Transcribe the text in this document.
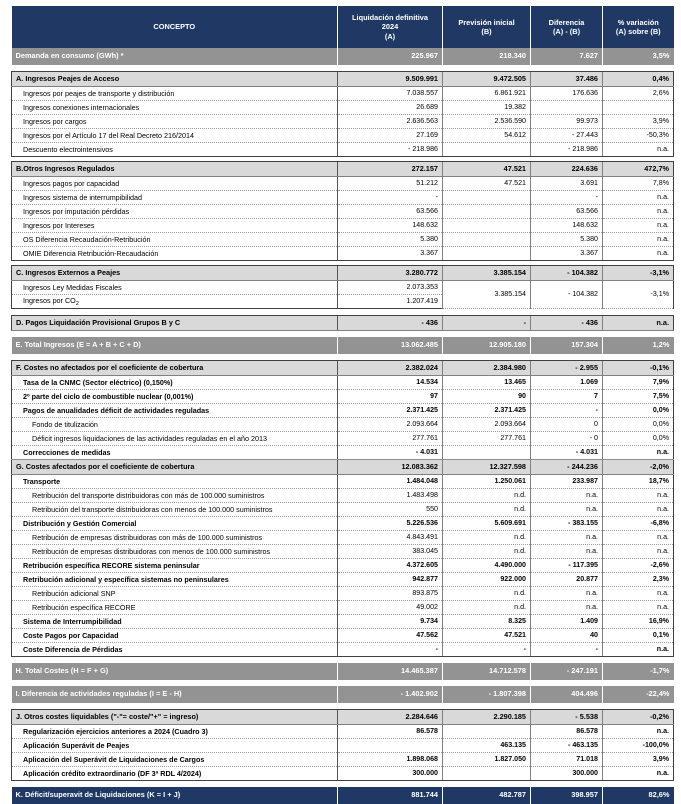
CONCEPTO	Liquidación definitiva
2024
(A)	Previsión inicial
(B)	Diferencia
(A) - (B)	% variación
(A) sobre (B)
Demanda en consumo (GWh) *	225.967	218.340	7.627	3,5%

A. Ingresos Peajes de Acceso	9.509.991	9.472.505	37.486	0,4%
Ingresos por peajes de transporte y distribución	7.038.557	6.861.921	176.636	2,6%
Ingresos conexiones internacionales	26.689	19.382		
Ingresos por cargos	2.636.563	2.536.590	99.973	3,9%
Ingresos por el Artículo 17 del Real Decreto 216/2014	27.169	54.612	- 27.443	-50,3%
Descuento electrointensivos	- 218.986		- 218.986	n.a.

B.Otros Ingresos Regulados	272.157	47.521	224.636	472,7%
Ingresos pagos por capacidad	51.212	47.521	3.691	7,8%
Ingresos sistema de interrumpibilidad	-		-	n.a.
Ingresos por imputación pérdidas	63.566		63.566	n.a.
Ingresos por Intereses	148.632		148.632	n.a.
OS Diferencia Recaudación-Retribución	5.380		5.380	n.a.
OMIE Diferencia Retribución-Recaudación	3.367		3.367	n.a.

C. Ingresos Externos a Peajes	3.280.772	3.385.154	- 104.382	-3,1%
Ingresos Ley Medidas Fiscales	2.073.353	3.385.154	- 104.382	-3,1%
Ingresos por $CO_2$	1.207.419			

D. Pagos Liquidación Provisional Grupos B y C	- 436	-	- 436	n.a.

E. Total Ingresos (E = A + B + C + D)	13.062.485	12.905.180	157.304	1,2%

F. Costes no afectados por el coeficiente de cobertura	2.382.024	2.384.980	- 2.955	-0,1%
Tasa de la CNMC (Sector eléctrico) (0,150%)	14.534	13.465	1.069	7,9%
2º parte del ciclo de combustible nuclear (0,001%)	97	90	7	7,5%
Pagos de anualidades déficit de actividades reguladas	2.371.425	2.371.425	-	0,0%
Fondo de titulización	2.093.664	2.093.664	0	0,0%
Déficit ingresos liquidaciones de las actividades reguladas en el año 2013	277.761	277.761	- 0	0,0%
Correcciones de medidas	- 4.031		- 4.031	n.a.
G. Costes afectados por el coeficiente de cobertura	12.083.362	12.327.598	- 244.236	-2,0%
Transporte	1.484.048	1.250.061	233.987	18,7%
Retribución del transporte distribuidoras con más de 100.000 suministros	1.483.498	n.d.	n.a.	n.a.
Retribución del transporte distribuidoras con menos de 100.000 suministros	550	n.d.	n.a.	n.a.
Distribución y Gestión Comercial	5.226.536	5.609.691	- 383.155	-6,8%
Retribución de empresas distribuidoras con más de 100.000 suministros	4.843.491	n.d.	n.a.	n.a.
Retribución de empresas distribuidoras con menos de 100.000 suministros	383.045	n.d.	n.a.	n.a.
Retribución específica RECORE sistema peninsular	4.372.605	4.490.000	- 117.395	-2,6%
Retribución adicional y específica sistemas no peninsulares	942.877	922.000	20.877	2,3%
Retribución adicional SNP	893.875	n.d.	n.a.	n.a.
Retribución específica RECORE	49.002	n.d.	n.a.	n.a.
Sistema de Interrumpibilidad	9.734	8.325	1.409	16,9%
Coste Pagos por Capacidad	47.562	47.521	40	0,1%
Coste Diferencia de Pérdidas	-	-	-	n.a.

H. Total Costes (H = F + G)	14.465.387	14.712.578	- 247.191	-1,7%

I. Diferencia de actividades reguladas (I = E - H)	- 1.402.902	- 1.807.398	404.496	-22,4%

J. Otros costes liquidables ("-"= coste/"+" = ingreso)	2.284.646	2.290.185	- 5.538	-0,2%
Regularización ejercicios anteriores a 2024 (Cuadro 3)	86.578		86.578	n.a.
Aplicación Superávit de Peajes		463.135	- 463.135	-100,0%
Aplicación del Superávit de Liquidaciones de Cargos	1.898.068	1.827.050	71.018	3,9%
Aplicación crédito extraordinario (DF 3ª RDL 4/2024)	300.000		300.000	n.a.

K. Déficit/superavit de Liquidaciones (K = I + J)	881.744	482.787	398.957	82,6%
